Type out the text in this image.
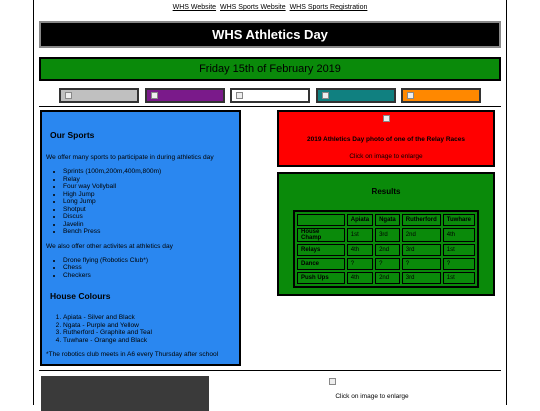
WHS Website WHS Sports Website WHS Sports Registration
WHS Athletics Day
Friday 15th of February 2019
Our Sports

We offer many sports to participate in during athletics day

• Sprints (100m,200m,400m,800m)
• Relay
• Four way Vollyball
• High Jump
• Long Jump
• Shotput
• Discus
• Javelin
• Bench Press

We also offer other activites at athletics day

• Drone flying (Robotics Club*)
• Chess
• Checkers
House Colours
1. Apiata - Silver and Black
2. Ngata - Purple and Yellow
3. Rutherford - Graphite and Teal
4. Tuwhare - Orange and Black

*The robotics club meets in A6 every Thursday after school

2019 Athletics Day photo of one of the Relay Races
Click on image to enlarge
Results
	Apiata	Ngata	Rutherford	Tuwhare
House Champ	1st	3rd	2nd	4th
Relays	4th	2nd	3rd	1st
Dance	?	?	?	?
Push Ups	4th	2nd	3rd	1st
Click on image to enlarge
